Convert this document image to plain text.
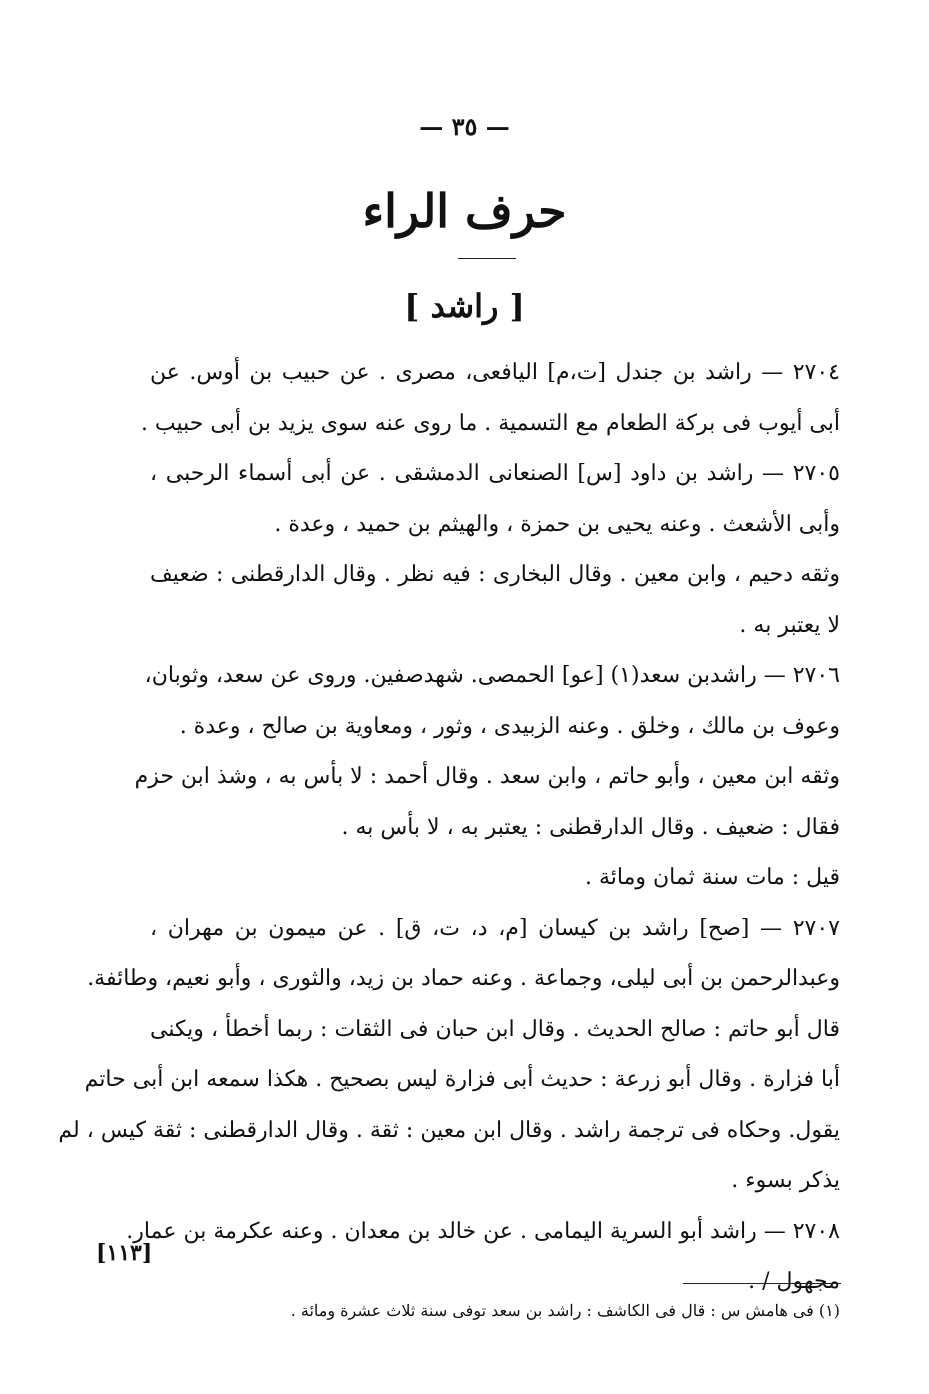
— ٣٥ —
حرف الراء
[ راشد ]
٢٧٠٤ — راشد بن جندل [ت،م] اليافعى، مصرى . عن حبيب بن أوس. عن
أبى أيوب فى بركة الطعام مع التسمية . ما روى عنه سوى يزيد بن أبى حبيب .
٢٧٠٥ — راشد بن داود [س] الصنعانى الدمشقى . عن أبى أسماء الرحبى ،
وأبى الأشعث . وعنه يحيى بن حمزة ، والهيثم بن حميد ، وعدة .
وثقه دحيم ، وابن معين . وقال البخارى : فيه نظر . وقال الدارقطنى : ضعيف
لا يعتبر به .
٢٧٠٦ — راشدبن سعد(١) [عو] الحمصى. شهدصفين. وروى عن سعد، وثوبان،
وعوف بن مالك ، وخلق . وعنه الزبيدى ، وثور ، ومعاوية بن صالح ، وعدة .
وثقه ابن معين ، وأبو حاتم ، وابن سعد . وقال أحمد : لا بأس به ، وشذ ابن حزم
فقال : ضعيف . وقال الدارقطنى : يعتبر به ، لا بأس به .
قيل : مات سنة ثمان ومائة .
٢٧٠٧ — [صح] راشد بن كيسان [م، د، ت، ق] . عن ميمون بن مهران ،
وعبدالرحمن بن أبى ليلى، وجماعة . وعنه حماد بن زيد، والثورى ، وأبو نعيم، وطائفة.
قال أبو حاتم : صالح الحديث . وقال ابن حبان فى الثقات : ربما أخطأ ، ويكنى
أبا فزارة . وقال أبو زرعة : حديث أبى فزارة ليس بصحيح . هكذا سمعه ابن أبى حاتم
يقول. وحكاه فى ترجمة راشد . وقال ابن معين : ثقة . وقال الدارقطنى : ثقة كيس ، لم
يذكر بسوء .
٢٧٠٨ — راشد أبو السرية اليمامى . عن خالد بن معدان . وعنه عكرمة بن عمار.
مجهول / .
[١١٣]
(١) فى هامش س : قال فى الكاشف : راشد بن سعد توفى سنة ثلاث عشرة ومائة .
